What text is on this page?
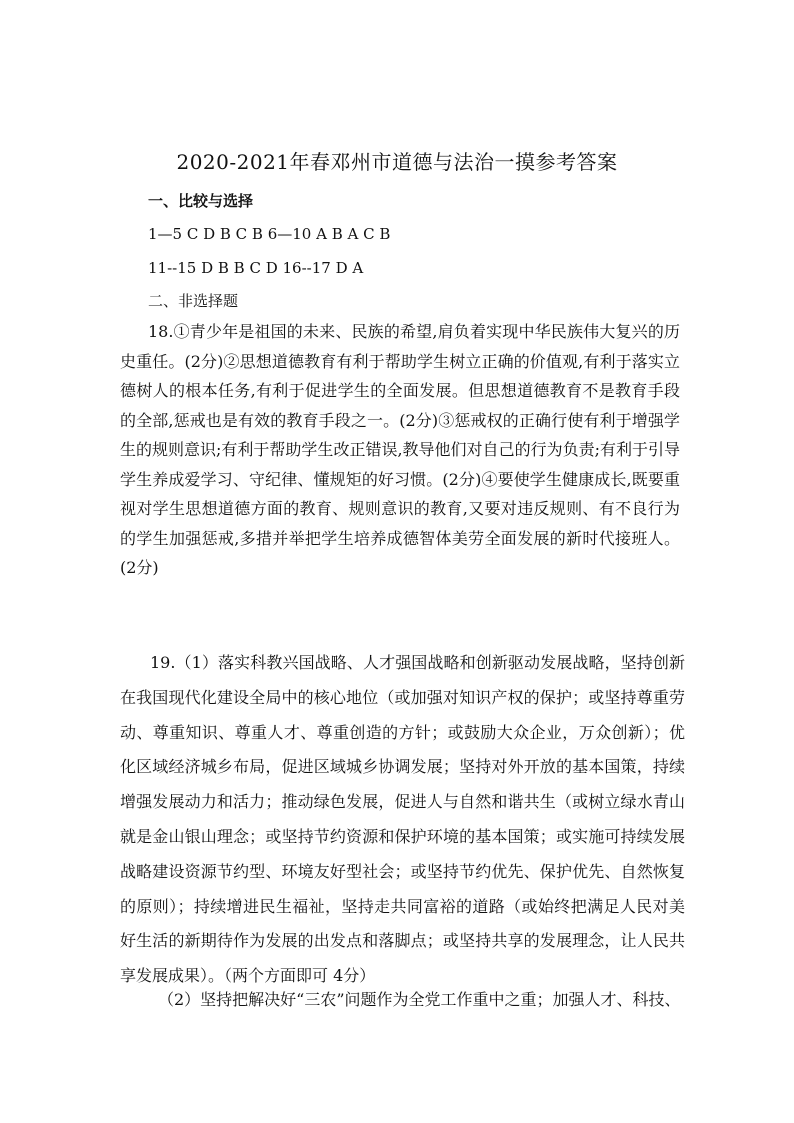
2020-2021年春邓州市道德与法治一摸参考答案
一、比较与选择
1—5 C D B C B 6—10 A B A C B
11--15 D B B C D 16--17 D A
二、非选择题
18.①青少年是祖国的未来、民族的希望,肩负着实现中华民族伟大复兴的历史重任。(2分)②思想道德教育有利于帮助学生树立正确的价值观,有利于落实立德树人的根本任务,有利于促进学生的全面发展。但思想道德教育不是教育手段的全部,惩戒也是有效的教育手段之一。(2分)③惩戒权的正确行使有利于增强学生的规则意识;有利于帮助学生改正错误,教导他们对自己的行为负责;有利于引导学生养成爱学习、守纪律、懂规矩的好习惯。(2分)④要使学生健康成长,既要重视对学生思想道德方面的教育、规则意识的教育,又要对违反规则、有不良行为的学生加强惩戒,多措并举把学生培养成德智体美劳全面发展的新时代接班人。(2分)
19.（1）落实科教兴国战略、人才强国战略和创新驱动发展战略，坚持创新在我国现代化建设全局中的核心地位（或加强对知识产权的保护；或坚持尊重劳动、尊重知识、尊重人才、尊重创造的方针；或鼓励大众企业，万众创新）；优化区域经济城乡布局，促进区域城乡协调发展；坚持对外开放的基本国策，持续增强发展动力和活力；推动绿色发展，促进人与自然和谐共生（或树立绿水青山就是金山银山理念；或坚持节约资源和保护环境的基本国策；或实施可持续发展战略建设资源节约型、环境友好型社会；或坚持节约优先、保护优先、自然恢复的原则）；持续增进民生福祉，坚持走共同富裕的道路（或始终把满足人民对美好生活的新期待作为发展的出发点和落脚点；或坚持共享的发展理念，让人民共享发展成果）。（两个方面即可 4分）
（2）坚持把解决好“三农”问题作为全党工作重中之重；加强人才、科技、
